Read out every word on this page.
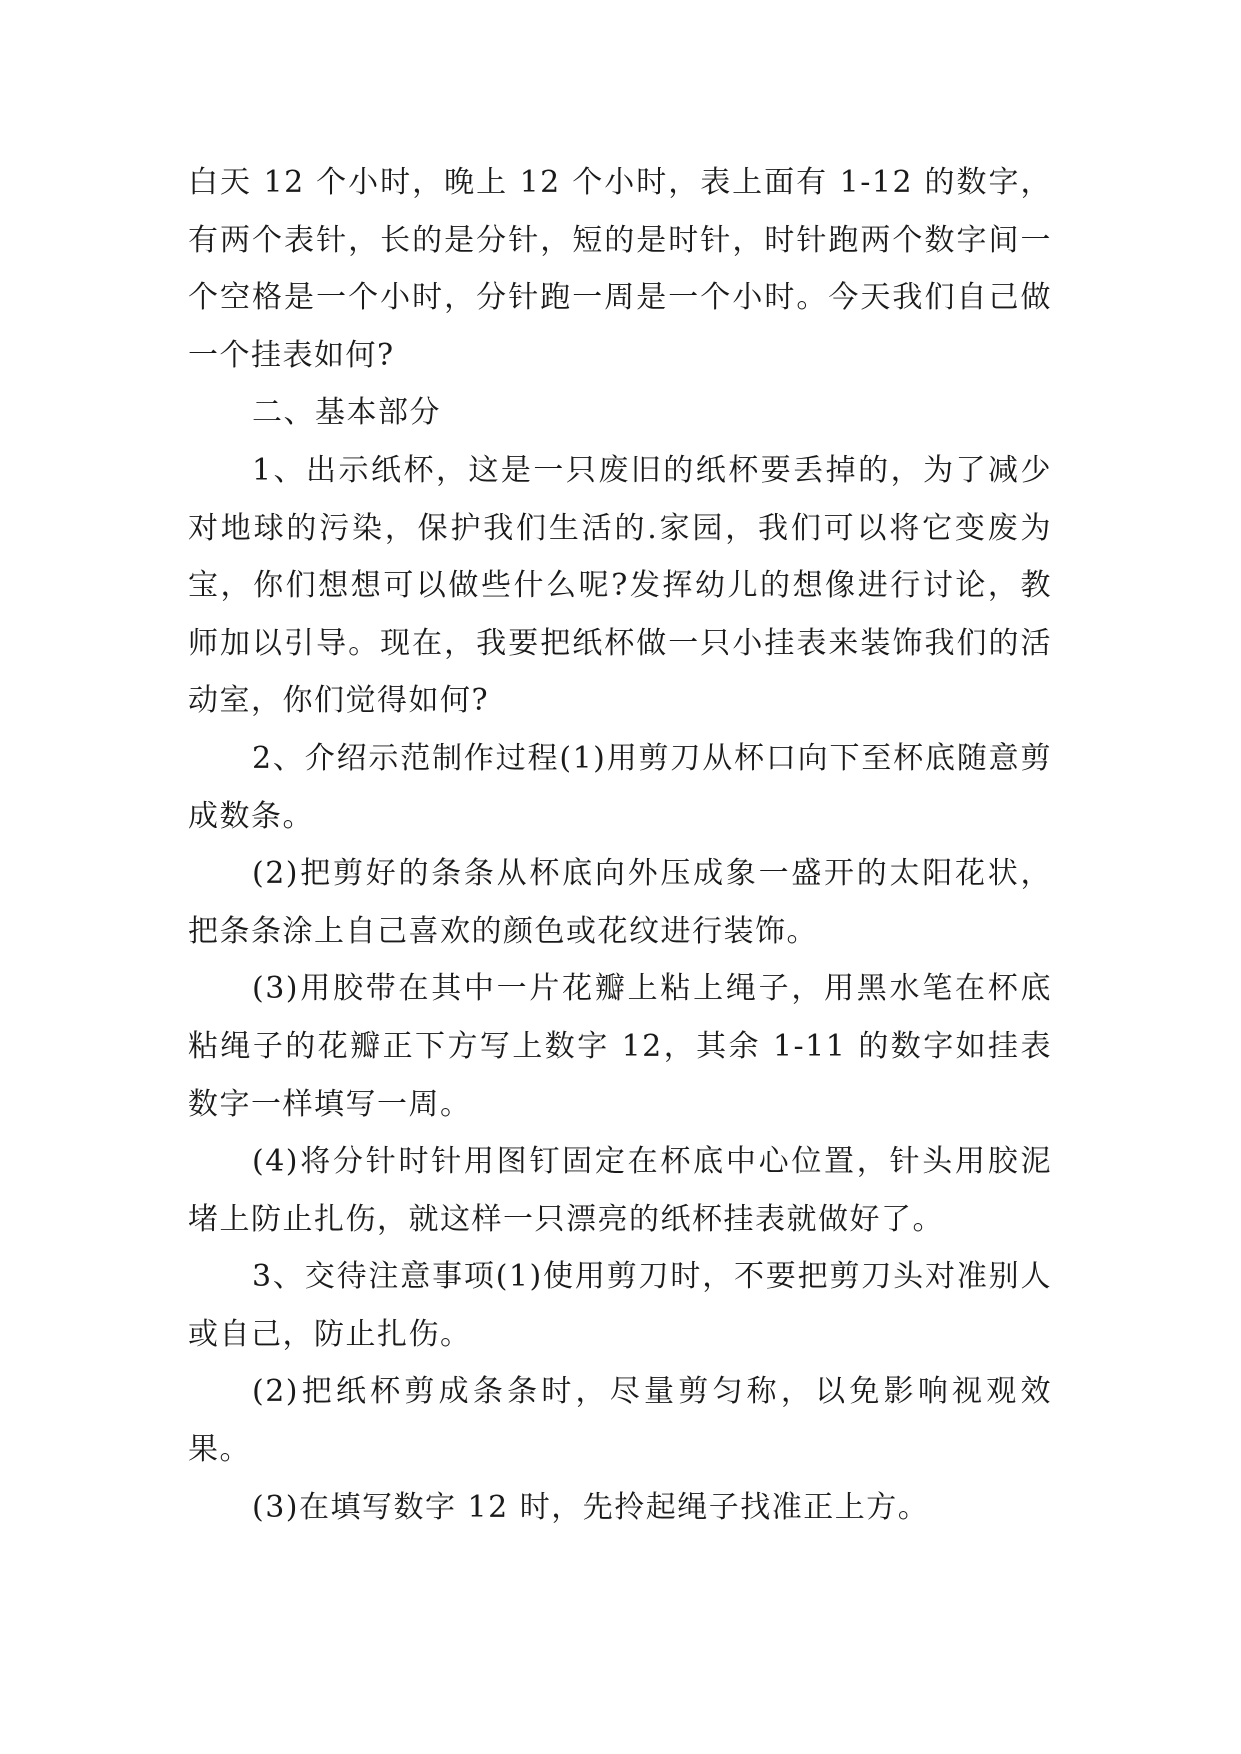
白天 12 个小时，晚上 12 个小时，表上面有 1-12 的数字，有两个表针，长的是分针，短的是时针，时针跑两个数字间一个空格是一个小时，分针跑一周是一个小时。今天我们自己做一个挂表如何?

二、基本部分

1、出示纸杯，这是一只废旧的纸杯要丢掉的，为了减少对地球的污染，保护我们生活的.家园，我们可以将它变废为宝，你们想想可以做些什么呢?发挥幼儿的想像进行讨论，教师加以引导。现在，我要把纸杯做一只小挂表来装饰我们的活动室，你们觉得如何?

2、介绍示范制作过程(1)用剪刀从杯口向下至杯底随意剪成数条。

(2)把剪好的条条从杯底向外压成象一盛开的太阳花状，把条条涂上自己喜欢的颜色或花纹进行装饰。

(3)用胶带在其中一片花瓣上粘上绳子，用黑水笔在杯底粘绳子的花瓣正下方写上数字 12，其余 1-11 的数字如挂表数字一样填写一周。

(4)将分针时针用图钉固定在杯底中心位置，针头用胶泥堵上防止扎伤，就这样一只漂亮的纸杯挂表就做好了。

3、交待注意事项(1)使用剪刀时，不要把剪刀头对准别人或自己，防止扎伤。

(2)把纸杯剪成条条时，尽量剪匀称，以免影响视观效果。

(3)在填写数字 12 时，先拎起绳子找准正上方。
